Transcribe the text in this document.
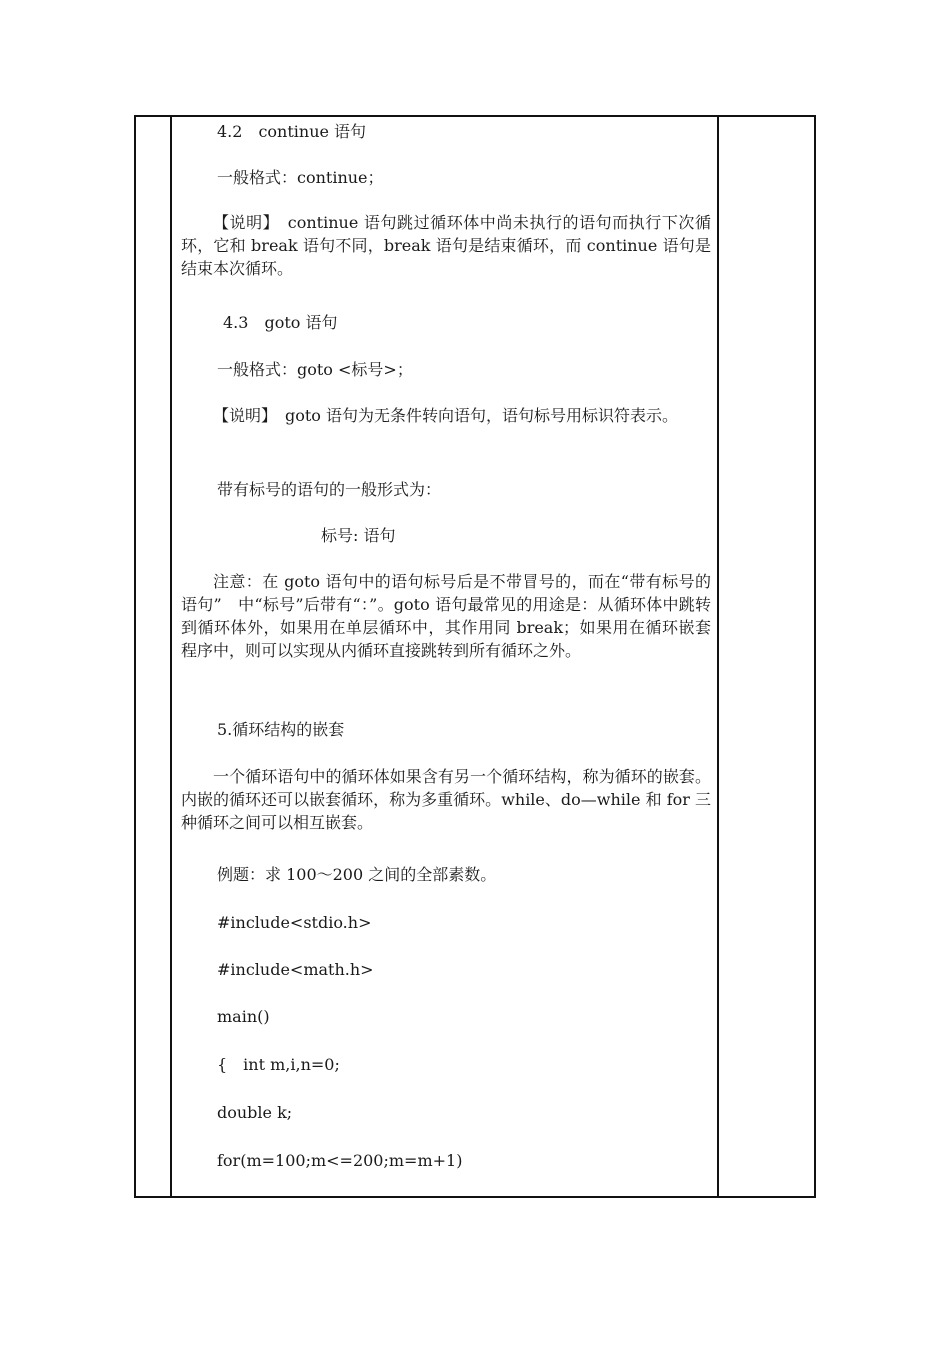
4.2　continue 语句
一般格式：continue；
【说明】　continue 语句跳过循环体中尚未执行的语句而执行下次循环，它和 break 语句不同，break 语句是结束循环，而 continue 语句是结束本次循环。
4.3　goto 语句
一般格式：goto <标号>；
【说明】　goto 语句为无条件转向语句，语句标号用标识符表示。
带有标号的语句的一般形式为：
标号: 语句
注意：在 goto 语句中的语句标号后是不带冒号的，而在“带有标号的语句”　中“标号”后带有“：”。goto 语句最常见的用途是：从循环体中跳转到循环体外，如果用在单层循环中，其作用同 break；如果用在循环嵌套程序中，则可以实现从内循环直接跳转到所有循环之外。
5.循环结构的嵌套
一个循环语句中的循环体如果含有另一个循环结构，称为循环的嵌套。内嵌的循环还可以嵌套循环，称为多重循环。while、do—while 和 for 三种循环之间可以相互嵌套。
例题：求 100～200 之间的全部素数。
#include<stdio.h>
#include<math.h>
main()
{　int m,i,n=0;
double k;
for(m=100;m<=200;m=m+1)
